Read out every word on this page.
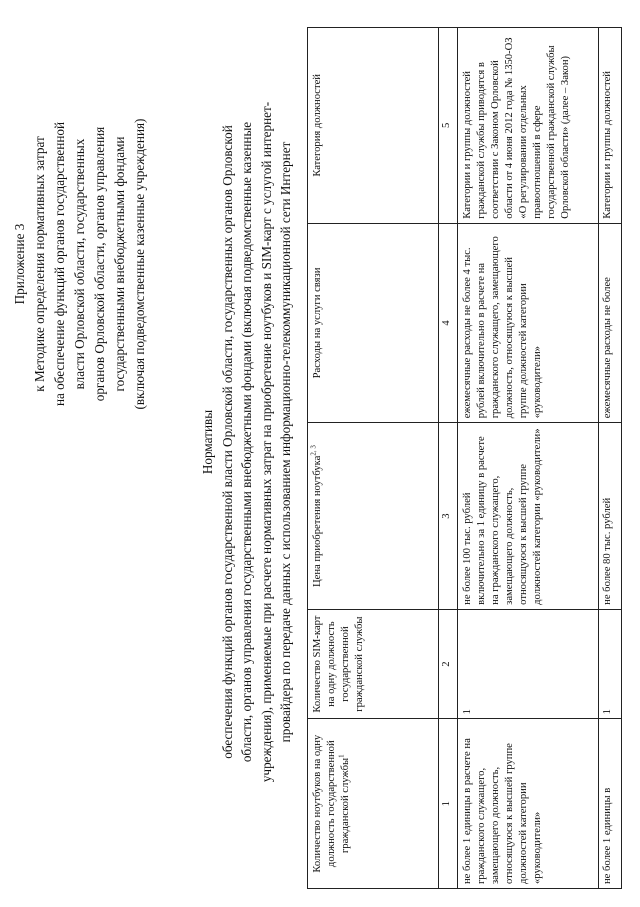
Приложение 3 к Методике определения нормативных затрат на обеспечение функций органов государственной власти Орловской области, государственных органов Орловской области, органов управления государственными внебюджетными фондами (включая подведомственные казенные учреждения)
Нормативы обеспечения функций органов государственной власти Орловской области, государственных органов Орловской области, органов управления государственными внебюджетными фондами (включая подведомственные казенные учреждения), применяемые при расчете нормативных затрат на приобретение ноутбуков и SIM-карт с услугой интернет- провайдера по передаче данных с использованием информационно-телекоммуникационной сети Интернет
Количество ноутбуков на одну должность государственной гражданской службы$^1$	Количество SIM-карт на одну должность государственной гражданской службы	Цена приобретения ноутбука$^{2, 3}$	Расходы на услуги связи	Категория должностей
1	2	3	4	5
не более 1 единицы в расчете на гражданского служащего, замещающего должность, относящуюся к высшей группе должностей категории «руководители»	1	не более 100 тыс. рублей включительно за 1 единицу в расчете на гражданского служащего, замещающего должность, относящуюся к высшей группе должностей категории «руководители»	ежемесячные расходы не более 4 тыс. рублей включительно в расчете на гражданского служащего, замещающего должность, относящуюся к высшей группе должностей категории «руководители»	Категории и группы должностей гражданской службы приводятся в соответствии с Законом Орловской области от 4 июня 2012 года № 1350-ОЗ «О регулировании отдельных правоотношений в сфере государственной гражданской службы Орловской области» (далее – Закон)
не более 1 единицы в	1	не более 80 тыс. рублей	ежемесячные расходы не более	Категории и группы должностей
